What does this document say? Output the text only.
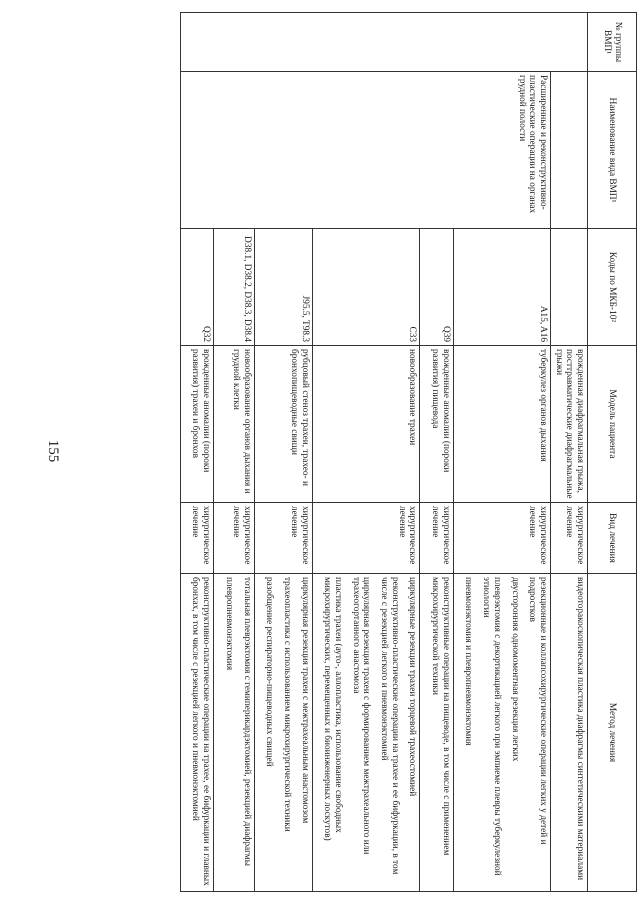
155
№ группы ВМП¹	Наименование вида ВМП¹	Коды по МКБ-10²	Модель пациента	Вид лечения	Метод лечения
			врожденная диафрагмальная грыжа, посттравматические диафрагмальные грыжи	хирургическое лечение	видеоторакоскопическая пластика диафрагмы синтетическими материалами

	Расширенные и реконструктивно-пластические операции на органах грудной полости	A15, A16	туберкулез органов дыхания	хирургическое лечение	резекционные и коллапсохирургические операции легких у детей и подростков
двусторонняя одномоментная резекция легких
плеврэктомия с декортикацией легкого при эмпиеме плевры туберкулезной этиологии
пневмонэктомия и плевропневмонэктомия

		Q39	врожденные аномалии (пороки развития) пищевода	хирургическое лечение	реконструктивные операции на пищеводе, в том числе с применением микрохирургической техники

		C33	новообразование трахеи	хирургическое лечение	циркулярные резекции трахеи торцевой трахеостомией
реконструктивно-пластические операции на трахее и ее бифуркации, в том числе с резекцией легкого и пневмонэктомией
циркулярная резекция трахеи с формированием межтрахеального или трахеогортанного анастомоза
пластика трахеи (ауто-, аллопластика, использование свободных микрохирургических, перемещенных и биоинженерных лоскутов)

		J95.5, T98.3	рубцовый стеноз трахеи, трахео- и бронхопищеводные свищи	хирургическое лечение	циркулярная резекция трахеи с межтрахеальным анастомозом
трахеопластика с использованием микрохирургической техники
разобщение респираторно-пищеводных свищей

		D38.1, D38.2, D38.3, D38.4	новообразование органов дыхания и грудной клетки	хирургическое лечение	тотальная плеврэктомия с гемиперикардэктомией, резекцией диафрагмы
плевропневмонэктомия

		Q32	врожденные аномалии (пороки развития) трахеи и бронхов	хирургическое лечение	реконструктивно-пластические операции на трахее, ее бифуркации и главных бронхах, в том числе с резекцией легкого и пневмонэктомией
